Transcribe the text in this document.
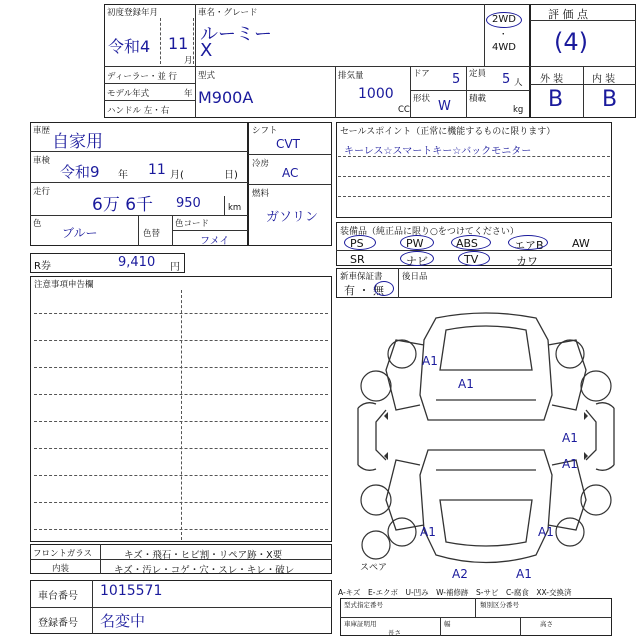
初度登録年月
令和4 11
月
車名・グレード
ルーミー
X
2WD
・
4WD
ディーラー・並 行
モデル年式	年
ハンドル 左・右
型式
M900A
排気量
1000
CC
ドア 5 定員 5 人
形状 W 積載
kg
評 価 点
(4)
外 装	内 装
B B
車歴
自家用
車検
令和9 年 11 月(	日)
走行
6万 6千 950	km
色
ブルー	色替
色コード
フメイ
R券	9,410 円
シフト
CVT
冷房
AC
燃料
ガソリン
セールスポイント（正常に機能するものに限ります）
キーレス☆スマートキー☆バックモニター
装備品（純正品に限り○をつけてください）
PS	PW	ABS	エアB	AW
SR	ナビ	TV	カワ
新車保証書
有 ・ 無
後日品
注意事項申告欄
フロントガラス	キズ・飛石・ヒビ割・リペア跡・X要
内装	キズ・汚レ・コゲ・穴・スレ・キレ・破レ
車台番号 1015571
登録番号 名変中
スペア
A1
A1
A1
A1
A1	A1
A2	A1
A-キズ　E-エクボ　U-凹み　W-補修跡　S-サビ　C-腐食　XX-交換済
型式指定番号	類別区分番号
車庫証明用
長さ
幅	高さ
